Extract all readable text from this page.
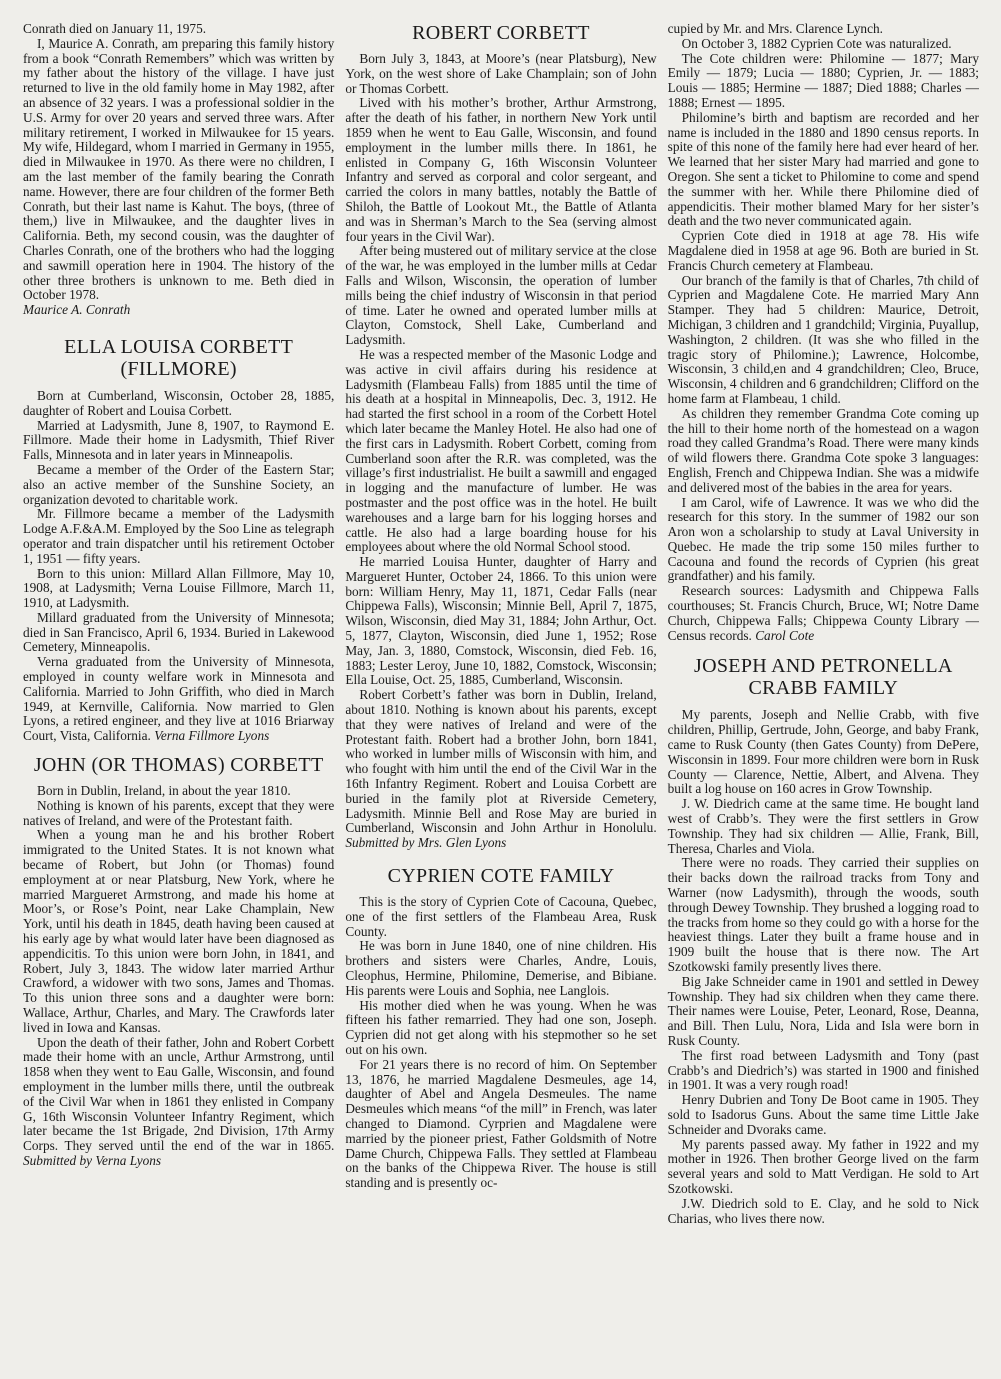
Conrath died on January 11, 1975.

I, Maurice A. Conrath, am preparing this family history from a book “Conrath Remembers” which was written by my father about the history of the village. I have just returned to live in the old family home in May 1982, after an absence of 32 years. I was a professional soldier in the U.S. Army for over 20 years and served three wars. After military retirement, I worked in Milwaukee for 15 years. My wife, Hildegard, whom I married in Germany in 1955, died in Milwaukee in 1970. As there were no children, I am the last member of the family bearing the Conrath name. However, there are four children of the former Beth Conrath, but their last name is Kahut. The boys, (three of them,) live in Milwaukee, and the daughter lives in California. Beth, my second cousin, was the daughter of Charles Conrath, one of the brothers who had the logging and sawmill operation here in 1904. The history of the other three brothers is unknown to me. Beth died in October 1978.

Maurice A. Conrath

ELLA LOUISA CORBETT (FILLMORE)

Born at Cumberland, Wisconsin, October 28, 1885, daughter of Robert and Louisa Corbett.

Married at Ladysmith, June 8, 1907, to Raymond E. Fillmore. Made their home in Ladysmith, Thief River Falls, Minnesota and in later years in Minneapolis.

Became a member of the Order of the Eastern Star; also an active member of the Sunshine Society, an organization devoted to charitable work.

Mr. Fillmore became a member of the Ladysmith Lodge A.F.&A.M. Employed by the Soo Line as telegraph operator and train dispatcher until his retirement October 1, 1951 — fifty years.

Born to this union: Millard Allan Fillmore, May 10, 1908, at Ladysmith; Verna Louise Fillmore, March 11, 1910, at Ladysmith.

Millard graduated from the University of Minnesota; died in San Francisco, April 6, 1934. Buried in Lakewood Cemetery, Minneapolis.

Verna graduated from the University of Minnesota, employed in county welfare work in Minnesota and California. Married to John Griffith, who died in March 1949, at Kernville, California. Now married to Glen Lyons, a retired engineer, and they live at 1016 Briarway Court, Vista, California. Verna Fillmore Lyons

JOHN (OR THOMAS) CORBETT

Born in Dublin, Ireland, in about the year 1810.

Nothing is known of his parents, except that they were natives of Ireland, and were of the Protestant faith.

When a young man he and his brother Robert immigrated to the United States. It is not known what became of Robert, but John (or Thomas) found employment at or near Platsburg, New York, where he married Margueret Armstrong, and made his home at Moor’s, or Rose’s Point, near Lake Champlain, New York, until his death in 1845, death having been caused at his early age by what would later have been diagnosed as appendicitis. To this union were born John, in 1841, and Robert, July 3, 1843. The widow later married Arthur Crawford, a widower with two sons, James and Thomas. To this union three sons and a daughter were born: Wallace, Arthur, Charles, and Mary. The Crawfords later lived in Iowa and Kansas.

Upon the death of their father, John and Robert Corbett made their home with an uncle, Arthur Armstrong, until 1858 when they went to Eau Galle, Wisconsin, and found employment in the lumber mills there, until the outbreak of the Civil War when in 1861 they enlisted in Company G, 16th Wisconsin Volunteer Infantry Regiment, which later became the 1st Brigade, 2nd Division, 17th Army Corps. They served until the end of the war in 1865. Submitted by Verna Lyons

ROBERT CORBETT

Born July 3, 1843, at Moore’s (near Platsburg), New York, on the west shore of Lake Champlain; son of John or Thomas Corbett.

Lived with his mother’s brother, Arthur Armstrong, after the death of his father, in northern New York until 1859 when he went to Eau Galle, Wisconsin, and found employment in the lumber mills there. In 1861, he enlisted in Company G, 16th Wisconsin Volunteer Infantry and served as corporal and color sergeant, and carried the colors in many battles, notably the Battle of Shiloh, the Battle of Lookout Mt., the Battle of Atlanta and was in Sherman’s March to the Sea (serving almost four years in the Civil War).

After being mustered out of military service at the close of the war, he was employed in the lumber mills at Cedar Falls and Wilson, Wisconsin, the operation of lumber mills being the chief industry of Wisconsin in that period of time. Later he owned and operated lumber mills at Clayton, Comstock, Shell Lake, Cumberland and Ladysmith.

He was a respected member of the Masonic Lodge and was active in civil affairs during his residence at Ladysmith (Flambeau Falls) from 1885 until the time of his death at a hospital in Minneapolis, Dec. 3, 1912. He had started the first school in a room of the Corbett Hotel which later became the Manley Hotel. He also had one of the first cars in Ladysmith. Robert Corbett, coming from Cumberland soon after the R.R. was completed, was the village’s first industrialist. He built a sawmill and engaged in logging and the manufacture of lumber. He was postmaster and the post office was in the hotel. He built warehouses and a large barn for his logging horses and cattle. He also had a large boarding house for his employees about where the old Normal School stood.

He married Louisa Hunter, daughter of Harry and Margueret Hunter, October 24, 1866. To this union were born: William Henry, May 11, 1871, Cedar Falls (near Chippewa Falls), Wisconsin; Minnie Bell, April 7, 1875, Wilson, Wisconsin, died May 31, 1884; John Arthur, Oct. 5, 1877, Clayton, Wisconsin, died June 1, 1952; Rose May, Jan. 3, 1880, Comstock, Wisconsin, died Feb. 16, 1883; Lester Leroy, June 10, 1882, Comstock, Wisconsin; Ella Louise, Oct. 25, 1885, Cumberland, Wisconsin.

Robert Corbett’s father was born in Dublin, Ireland, about 1810. Nothing is known about his parents, except that they were natives of Ireland and were of the Protestant faith. Robert had a brother John, born 1841, who worked in lumber mills of Wisconsin with him, and who fought with him until the end of the Civil War in the 16th Infantry Regiment. Robert and Louisa Corbett are buried in the family plot at Riverside Cemetery, Ladysmith. Minnie Bell and Rose May are buried in Cumberland, Wisconsin and John Arthur in Honolulu. Submitted by Mrs. Glen Lyons

CYPRIEN COTE FAMILY

This is the story of Cyprien Cote of Cacouna, Quebec, one of the first settlers of the Flambeau Area, Rusk County.

He was born in June 1840, one of nine children. His brothers and sisters were Charles, Andre, Louis, Cleophus, Hermine, Philomine, Demerise, and Bibiane. His parents were Louis and Sophia, nee Langlois.

His mother died when he was young. When he was fifteen his father remarried. They had one son, Joseph. Cyprien did not get along with his stepmother so he set out on his own.

For 21 years there is no record of him. On September 13, 1876, he married Magdalene Desmeules, age 14, daughter of Abel and Angela Desmeules. The name Desmeules which means “of the mill” in French, was later changed to Diamond. Cyrprien and Magdalene were married by the pioneer priest, Father Goldsmith of Notre Dame Church, Chippewa Falls. They settled at Flambeau on the banks of the Chippewa River. The house is still standing and is presently oc-

cupied by Mr. and Mrs. Clarence Lynch.

On October 3, 1882 Cyprien Cote was naturalized.

The Cote children were: Philomine — 1877; Mary Emily — 1879; Lucia — 1880; Cyprien, Jr. — 1883; Louis — 1885; Hermine — 1887; Died 1888; Charles — 1888; Ernest — 1895.

Philomine’s birth and baptism are recorded and her name is included in the 1880 and 1890 census reports. In spite of this none of the family here had ever heard of her. We learned that her sister Mary had married and gone to Oregon. She sent a ticket to Philomine to come and spend the summer with her. While there Philomine died of appendicitis. Their mother blamed Mary for her sister’s death and the two never communicated again.

Cyprien Cote died in 1918 at age 78. His wife Magdalene died in 1958 at age 96. Both are buried in St. Francis Church cemetery at Flambeau.

Our branch of the family is that of Charles, 7th child of Cyprien and Magdalene Cote. He married Mary Ann Stamper. They had 5 children: Maurice, Detroit, Michigan, 3 children and 1 grandchild; Virginia, Puyallup, Washington, 2 children. (It was she who filled in the tragic story of Philomine.); Lawrence, Holcombe, Wisconsin, 3 child,en and 4 grandchildren; Cleo, Bruce, Wisconsin, 4 children and 6 grandchildren; Clifford on the home farm at Flambeau, 1 child.

As children they remember Grandma Cote coming up the hill to their home north of the homestead on a wagon road they called Grandma’s Road. There were many kinds of wild flowers there. Grandma Cote spoke 3 languages: English, French and Chippewa Indian. She was a midwife and delivered most of the babies in the area for years.

I am Carol, wife of Lawrence. It was we who did the research for this story. In the summer of 1982 our son Aron won a scholarship to study at Laval University in Quebec. He made the trip some 150 miles further to Cacouna and found the records of Cyprien (his great grandfather) and his family.

Research sources: Ladysmith and Chippewa Falls courthouses; St. Francis Church, Bruce, WI; Notre Dame Church, Chippewa Falls; Chippewa County Library — Census records. Carol Cote

JOSEPH AND PETRONELLA CRABB FAMILY

My parents, Joseph and Nellie Crabb, with five children, Phillip, Gertrude, John, George, and baby Frank, came to Rusk County (then Gates County) from DePere, Wisconsin in 1899. Four more children were born in Rusk County — Clarence, Nettie, Albert, and Alvena. They built a log house on 160 acres in Grow Township.

J. W. Diedrich came at the same time. He bought land west of Crabb’s. They were the first settlers in Grow Township. They had six children — Allie, Frank, Bill, Theresa, Charles and Viola.

There were no roads. They carried their supplies on their backs down the railroad tracks from Tony and Warner (now Ladysmith), through the woods, south through Dewey Township. They brushed a logging road to the tracks from home so they could go with a horse for the heaviest things. Later they built a frame house and in 1909 built the house that is there now. The Art Szotkowski family presently lives there.

Big Jake Schneider came in 1901 and settled in Dewey Township. They had six children when they came there. Their names were Louise, Peter, Leonard, Rose, Deanna, and Bill. Then Lulu, Nora, Lida and Isla were born in Rusk County.

The first road between Ladysmith and Tony (past Crabb’s and Diedrich’s) was started in 1900 and finished in 1901. It was a very rough road!

Henry Dubrien and Tony De Boot came in 1905. They sold to Isadorus Guns. About the same time Little Jake Schneider and Dvoraks came.

My parents passed away. My father in 1922 and my mother in 1926. Then brother George lived on the farm several years and sold to Matt Verdigan. He sold to Art Szotkowski.

J.W. Diedrich sold to E. Clay, and he sold to Nick Charias, who lives there now.
